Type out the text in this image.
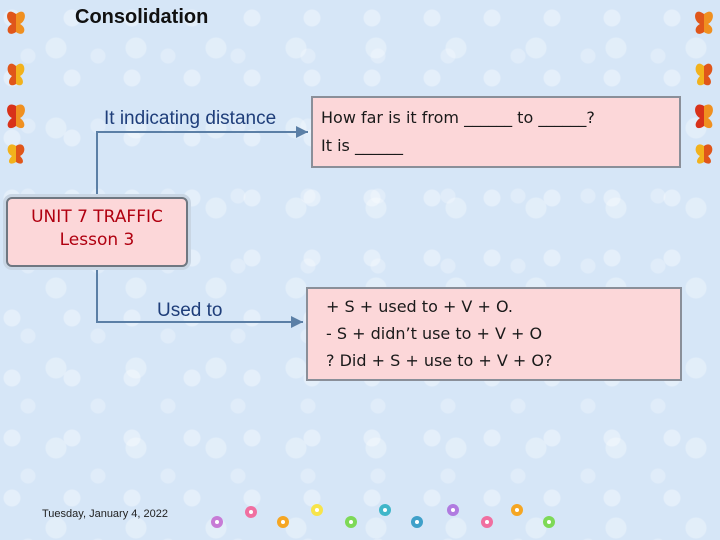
Consolidation
It indicating distance
Used to
How far is it from ______ to ______?
It is ______
UNIT 7 TRAFFIC
Lesson 3
+ S + used to + V + O.
- S + didn’t use to + V + O
? Did + S + use to + V + O?
Tuesday, January 4, 2022
